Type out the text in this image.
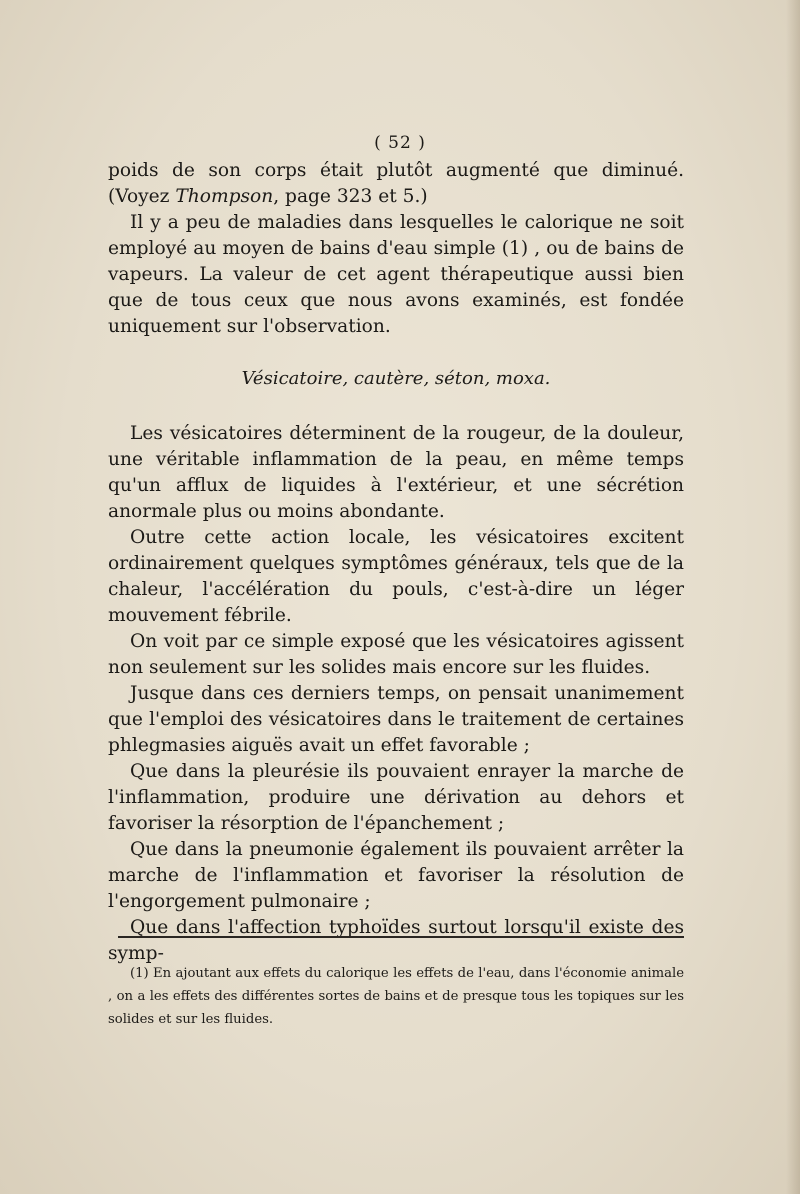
( 52 )

poids de son corps était plutôt augmenté que diminué. (Voyez Thompson, page 323 et 5.)

Il y a peu de maladies dans lesquelles le calorique ne soit employé au moyen de bains d'eau simple (1) , ou de bains de vapeurs. La valeur de cet agent thérapeutique aussi bien que de tous ceux que nous avons examinés, est fondée uniquement sur l'observation.

Vésicatoire, cautère, séton, moxa.

Les vésicatoires déterminent de la rougeur, de la douleur, une véritable inflammation de la peau, en même temps qu'un afflux de liquides à l'extérieur, et une sécrétion anormale plus ou moins abondante.

Outre cette action locale, les vésicatoires excitent ordinairement quelques symptômes généraux, tels que de la chaleur, l'accélération du pouls, c'est-à-dire un léger mouvement fébrile.

On voit par ce simple exposé que les vésicatoires agissent non seulement sur les solides mais encore sur les fluides.

Jusque dans ces derniers temps, on pensait unanimement que l'emploi des vésicatoires dans le traitement de certaines phlegmasies aiguës avait un effet favorable ;

Que dans la pleurésie ils pouvaient enrayer la marche de l'inflammation, produire une dérivation au dehors et favoriser la résorption de l'épanchement ;

Que dans la pneumonie également ils pouvaient arrêter la marche de l'inflammation et favoriser la résolution de l'engorgement pulmonaire ;

Que dans l'affection typhoïdes surtout lorsqu'il existe des symp-

(1) En ajoutant aux effets du calorique les effets de l'eau, dans l'économie animale , on a les effets des différentes sortes de bains et de presque tous les topiques sur les solides et sur les fluides.
